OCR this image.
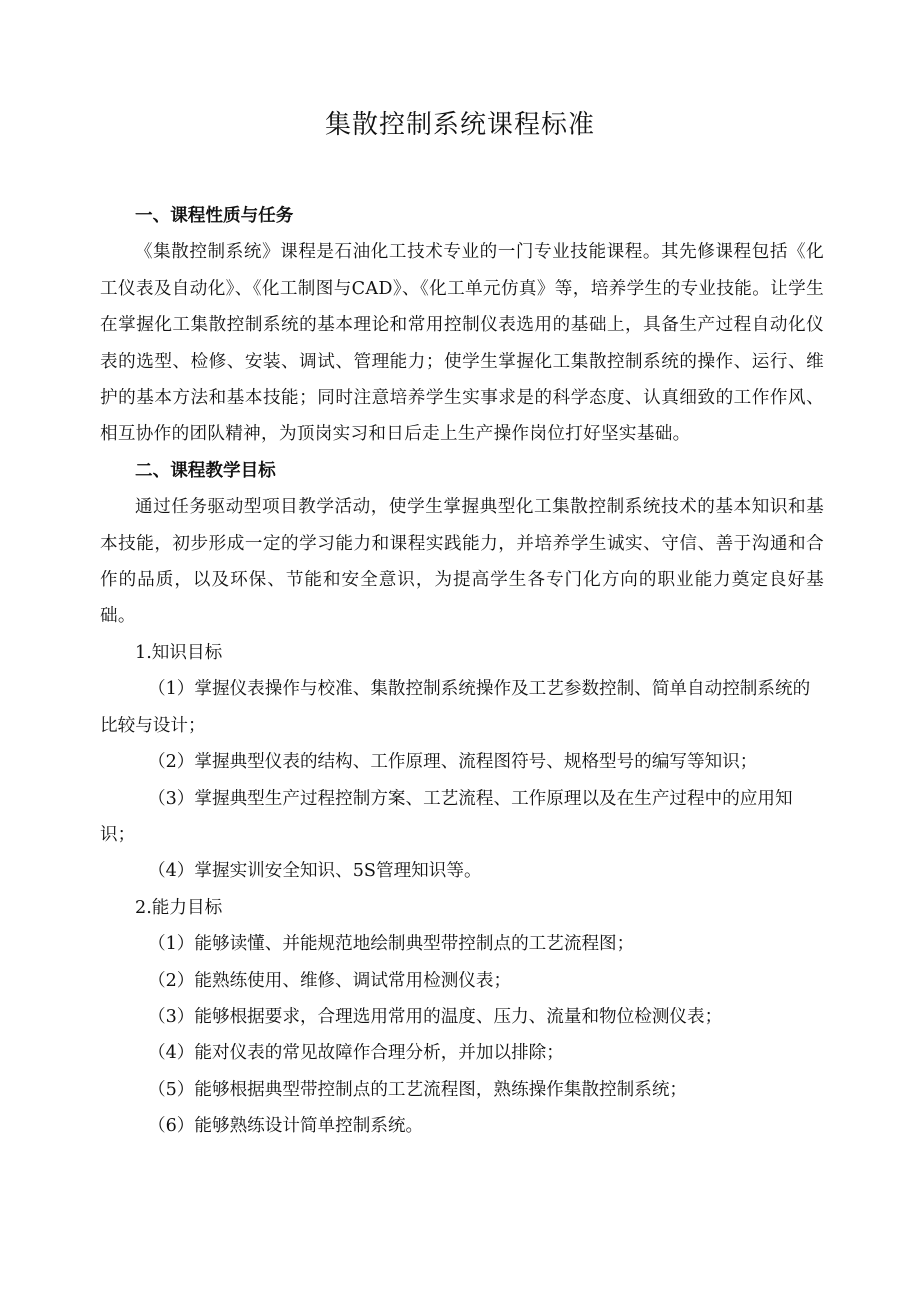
集散控制系统课程标准

一、课程性质与任务

《集散控制系统》课程是石油化工技术专业的一门专业技能课程。其先修课程包括《化工仪表及自动化》、《化工制图与CAD》、《化工单元仿真》等，培养学生的专业技能。让学生在掌握化工集散控制系统的基本理论和常用控制仪表选用的基础上，具备生产过程自动化仪表的选型、检修、安装、调试、管理能力；使学生掌握化工集散控制系统的操作、运行、维护的基本方法和基本技能；同时注意培养学生实事求是的科学态度、认真细致的工作作风、相互协作的团队精神，为顶岗实习和日后走上生产操作岗位打好坚实基础。

二、课程教学目标

通过任务驱动型项目教学活动，使学生掌握典型化工集散控制系统技术的基本知识和基本技能，初步形成一定的学习能力和课程实践能力，并培养学生诚实、守信、善于沟通和合作的品质，以及环保、节能和安全意识，为提高学生各专门化方向的职业能力奠定良好基础。

1.知识目标

（1）掌握仪表操作与校准、集散控制系统操作及工艺参数控制、简单自动控制系统的比较与设计；

（2）掌握典型仪表的结构、工作原理、流程图符号、规格型号的编写等知识；

（3）掌握典型生产过程控制方案、工艺流程、工作原理以及在生产过程中的应用知识；

（4）掌握实训安全知识、5S管理知识等。

2.能力目标

（1）能够读懂、并能规范地绘制典型带控制点的工艺流程图；

（2）能熟练使用、维修、调试常用检测仪表；

（3）能够根据要求，合理选用常用的温度、压力、流量和物位检测仪表；

（4）能对仪表的常见故障作合理分析，并加以排除；

（5）能够根据典型带控制点的工艺流程图，熟练操作集散控制系统；

（6）能够熟练设计简单控制系统。
